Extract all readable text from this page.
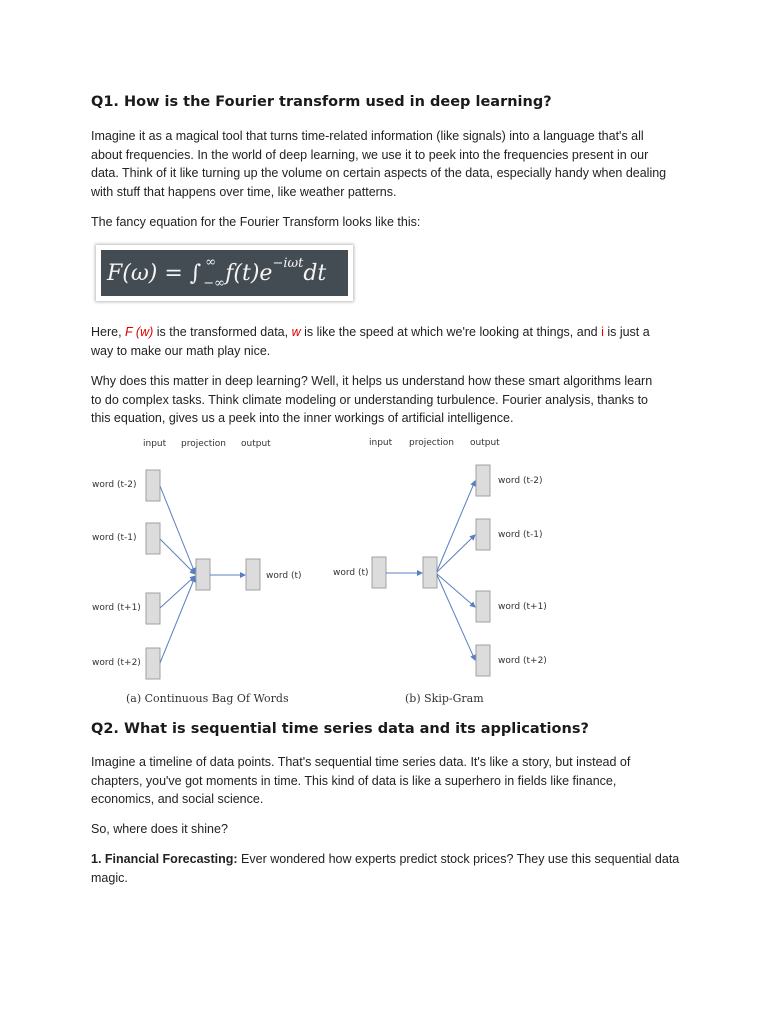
Q1. How is the Fourier transform used in deep learning?

Imagine it as a magical tool that turns time-related information (like signals) into a language that's all
about frequencies. In the world of deep learning, we use it to peek into the frequencies present in our
data. Think of it like turning up the volume on certain aspects of the data, especially handy when dealing
with stuff that happens over time, like weather patterns.

The fancy equation for the Fourier Transform looks like this:

F(ω) = ∫ ∞
−∞ f(t)e −iωt dt

Here, F (w) is the transformed data, w is like the speed at which we're looking at things, and i is just a
way to make our math play nice.

Why does this matter in deep learning? Well, it helps us understand how these smart algorithms learn
to do complex tasks. Think climate modeling or understanding turbulence. Fourier analysis, thanks to
this equation, gives us a peek into the inner workings of artificial intelligence.

input projection output
word (t-2)
word (t-1)
word (t+1)
word (t+2)
word (t)
(a) Continuous Bag Of Words
input projection output
word (t)
word (t-2)
word (t-1)
word (t+1)
word (t+2)
(b) Skip-Gram
Q2. What is sequential time series data and its applications?

Imagine a timeline of data points. That's sequential time series data. It's like a story, but instead of
chapters, you've got moments in time. This kind of data is like a superhero in fields like finance,
economics, and social science.

So, where does it shine?

1. Financial Forecasting: Ever wondered how experts predict stock prices? They use this sequential data
magic.
